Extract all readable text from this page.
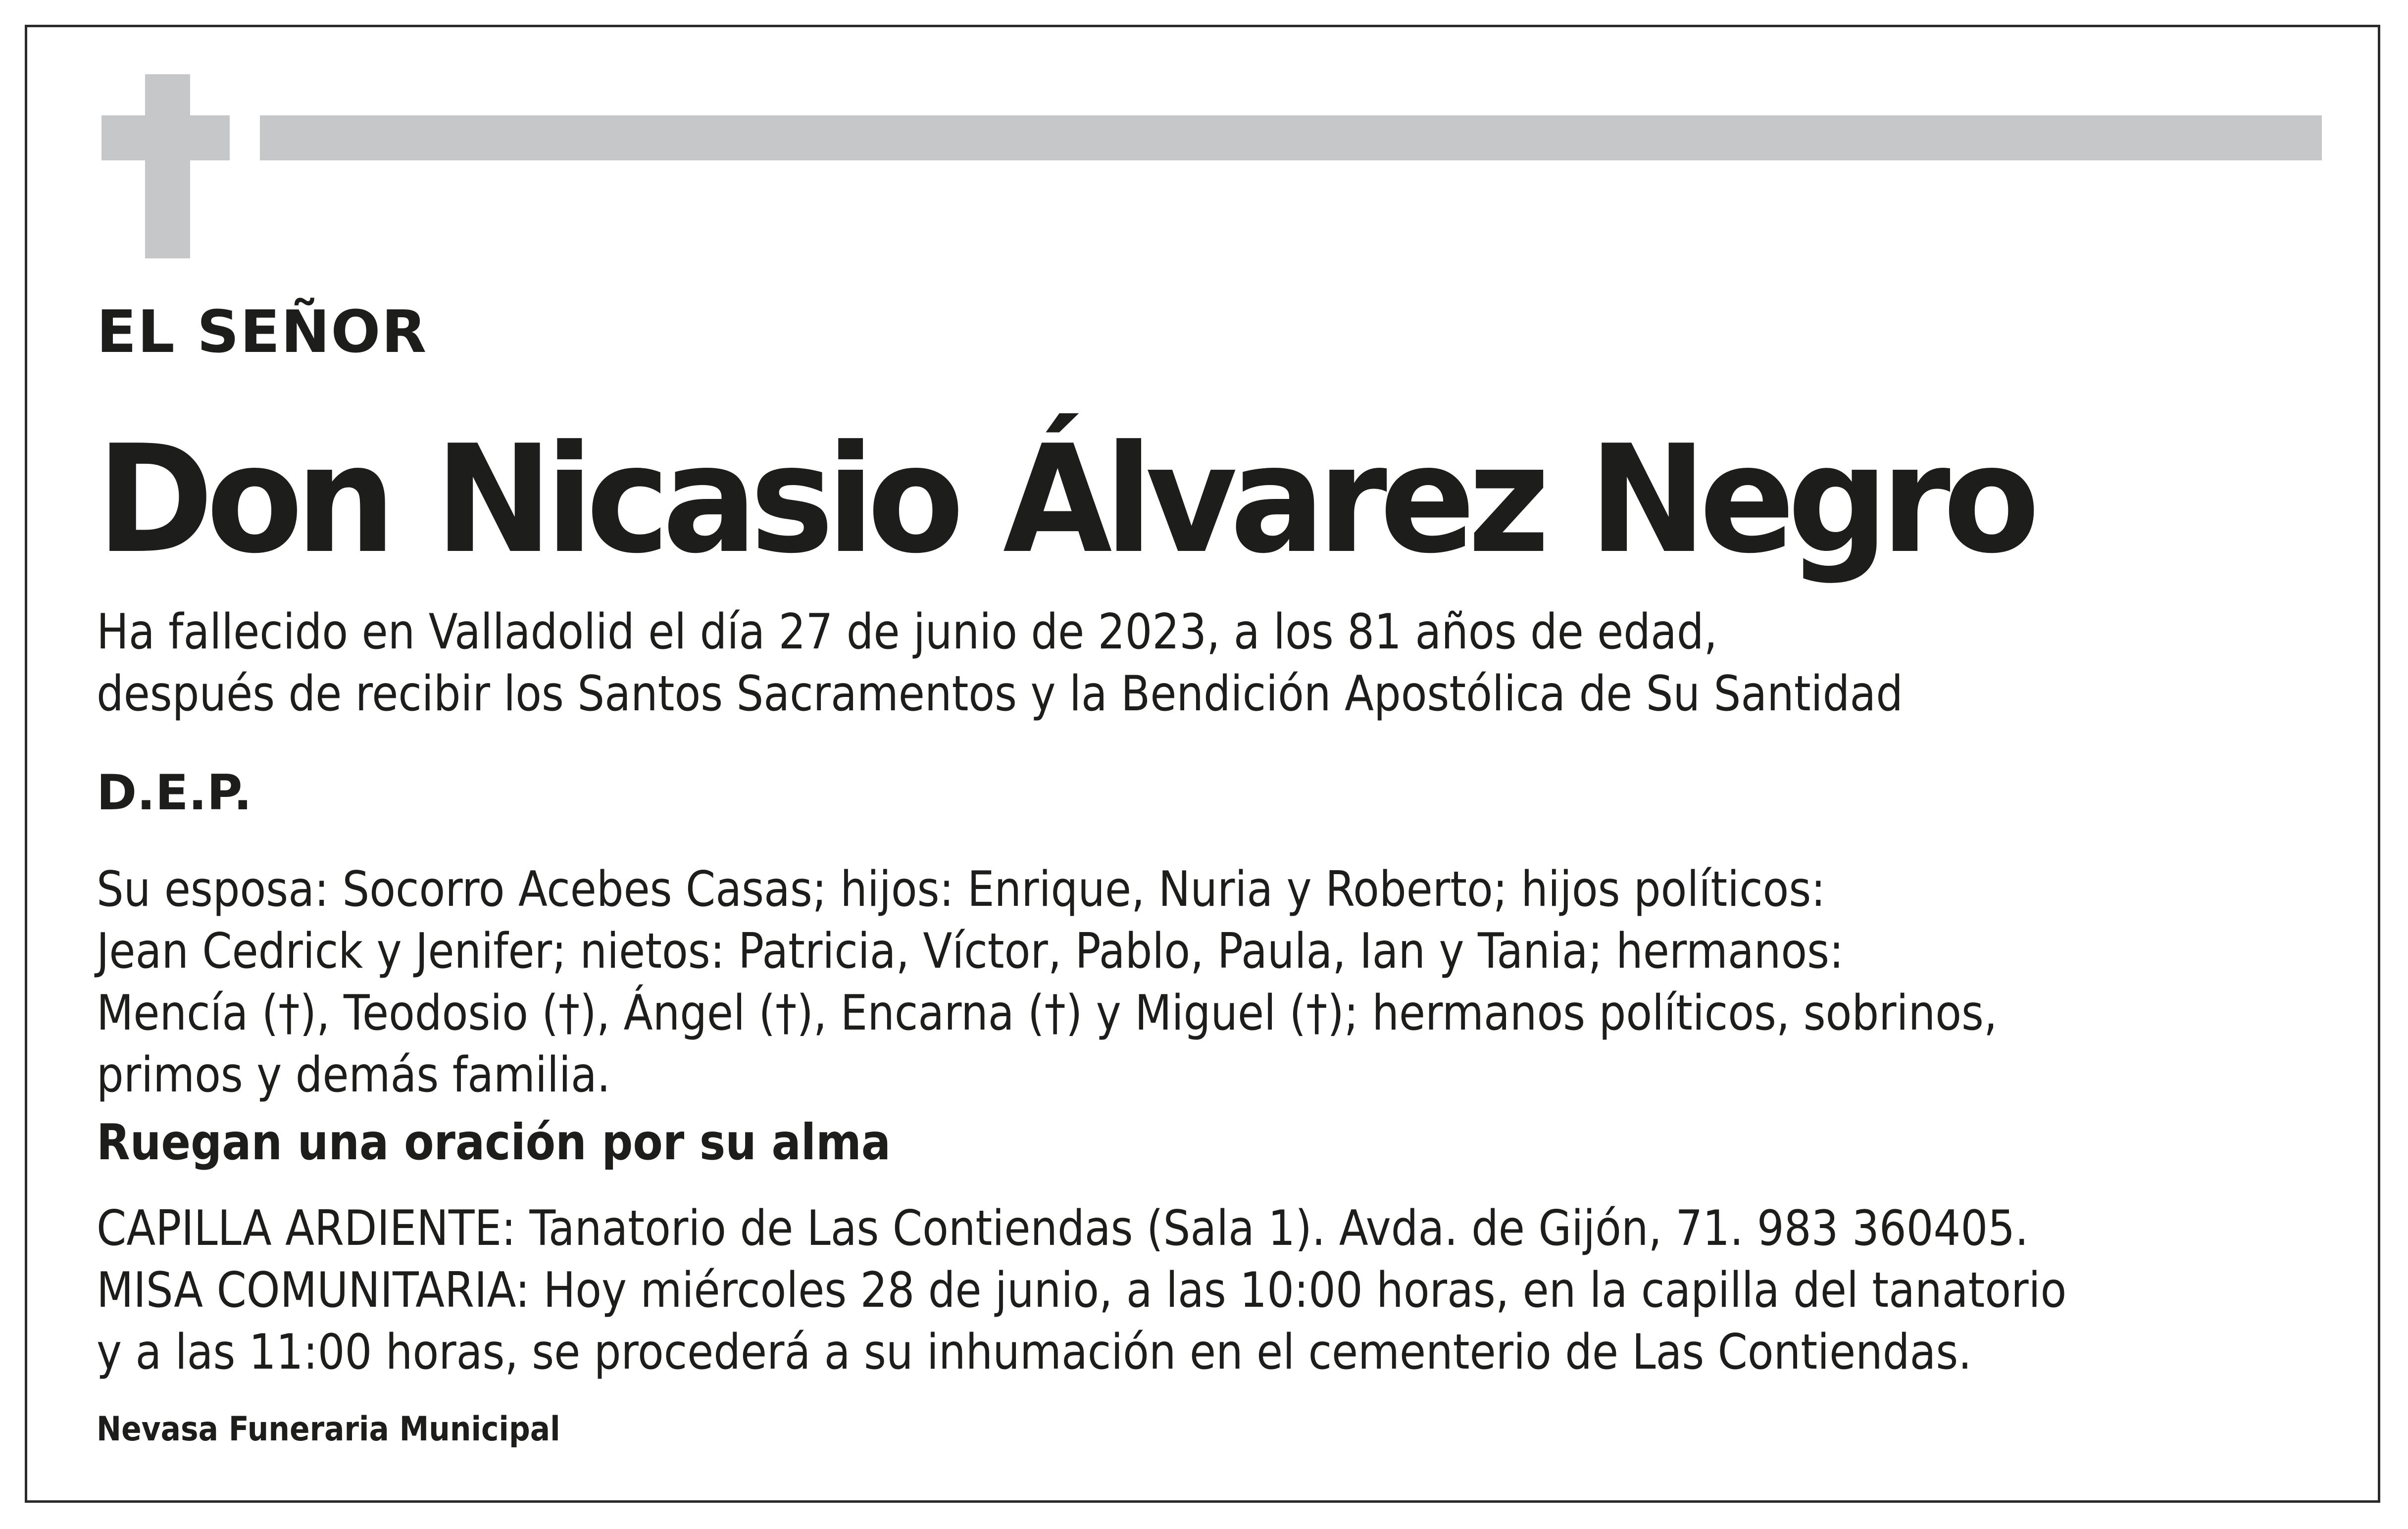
EL SEÑOR

Don Nicasio Álvarez Negro
Ha fallecido en Valladolid el día 27 de junio de 2023, a los 81 años de edad,
después de recibir los Santos Sacramentos y la Bendición Apostólica de Su Santidad

D.E.P.

Su esposa: Socorro Acebes Casas; hijos: Enrique, Nuria y Roberto; hijos políticos:
Jean Cedrick y Jenifer; nietos: Patricia, Víctor, Pablo, Paula, Ian y Tania; hermanos:
Mencía (†), Teodosio (†), Ángel (†), Encarna (†) y Miguel (†); hermanos políticos, sobrinos,
primos y demás familia.

Ruegan una oración por su alma

CAPILLA ARDIENTE: Tanatorio de Las Contiendas (Sala 1). Avda. de Gijón, 71. 983 360405.
MISA COMUNITARIA: Hoy miércoles 28 de junio, a las 10:00 horas, en la capilla del tanatorio
y a las 11:00 horas, se procederá a su inhumación en el cementerio de Las Contiendas.

Nevasa Funeraria Municipal
